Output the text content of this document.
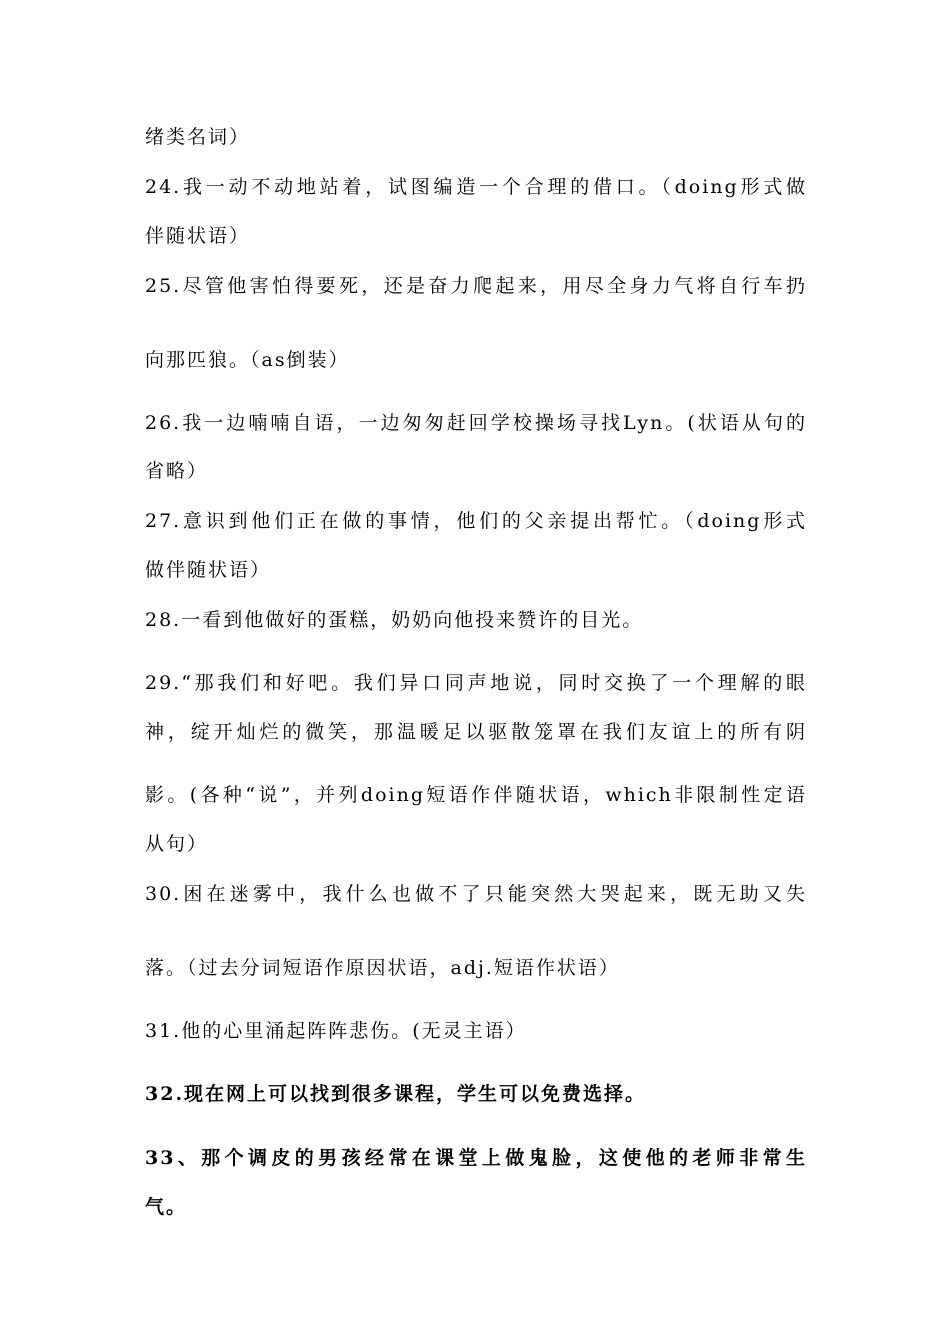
绪类名词）
24.我一动不动地站着，试图编造一个合理的借口。（doing形式做
伴随状语）
25.尽管他害怕得要死，还是奋力爬起来，用尽全身力气将自行车扔
向那匹狼。（as倒装）
26.我一边喃喃自语，一边匆匆赶回学校操场寻找Lyn。(状语从句的
省略）
27.意识到他们正在做的事情，他们的父亲提出帮忙。（doing形式
做伴随状语）
28.一看到他做好的蛋糕，奶奶向他投来赞许的目光。
29.“那我们和好吧。我们异口同声地说，同时交换了一个理解的眼
神，绽开灿烂的微笑，那温暖足以驱散笼罩在我们友谊上的所有阴
影。(各种“说”，并列doing短语作伴随状语，which非限制性定语
从句）
30.困在迷雾中，我什么也做不了只能突然大哭起来，既无助又失
落。（过去分词短语作原因状语，adj.短语作状语）
31.他的心里涌起阵阵悲伤。(无灵主语）
32.现在网上可以找到很多课程，学生可以免费选择。
33、那个调皮的男孩经常在课堂上做鬼脸，这使他的老师非常生
气。
